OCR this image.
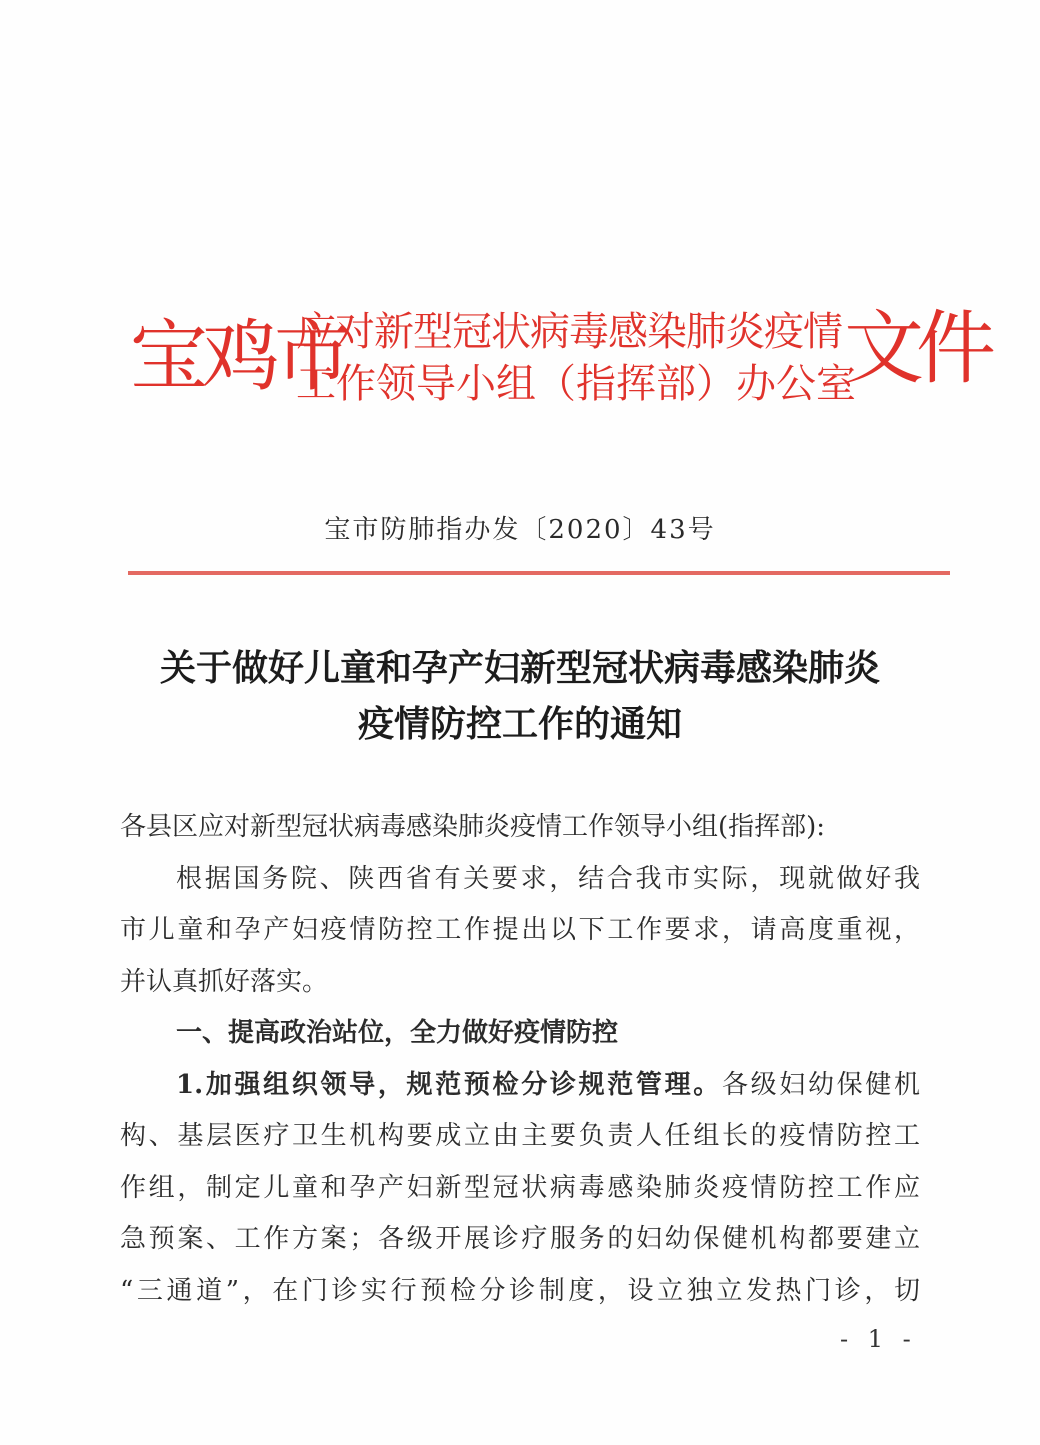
宝鸡市
应对新型冠状病毒感染肺炎疫情
工作领导小组（指挥部）办公室
文件
宝市防肺指办发〔2020〕43号
关于做好儿童和孕产妇新型冠状病毒感染肺炎
疫情防控工作的通知
各县区应对新型冠状病毒感染肺炎疫情工作领导小组(指挥部):
根据国务院、陕西省有关要求，结合我市实际，现就做好我
市儿童和孕产妇疫情防控工作提出以下工作要求，请高度重视，
并认真抓好落实。
一、提高政治站位，全力做好疫情防控
1.加强组织领导，规范预检分诊规范管理。各级妇幼保健机
构、基层医疗卫生机构要成立由主要负责人任组长的疫情防控工
作组，制定儿童和孕产妇新型冠状病毒感染肺炎疫情防控工作应
急预案、工作方案；各级开展诊疗服务的妇幼保健机构都要建立
“三通道”，在门诊实行预检分诊制度，设立独立发热门诊，切
- 1 -
